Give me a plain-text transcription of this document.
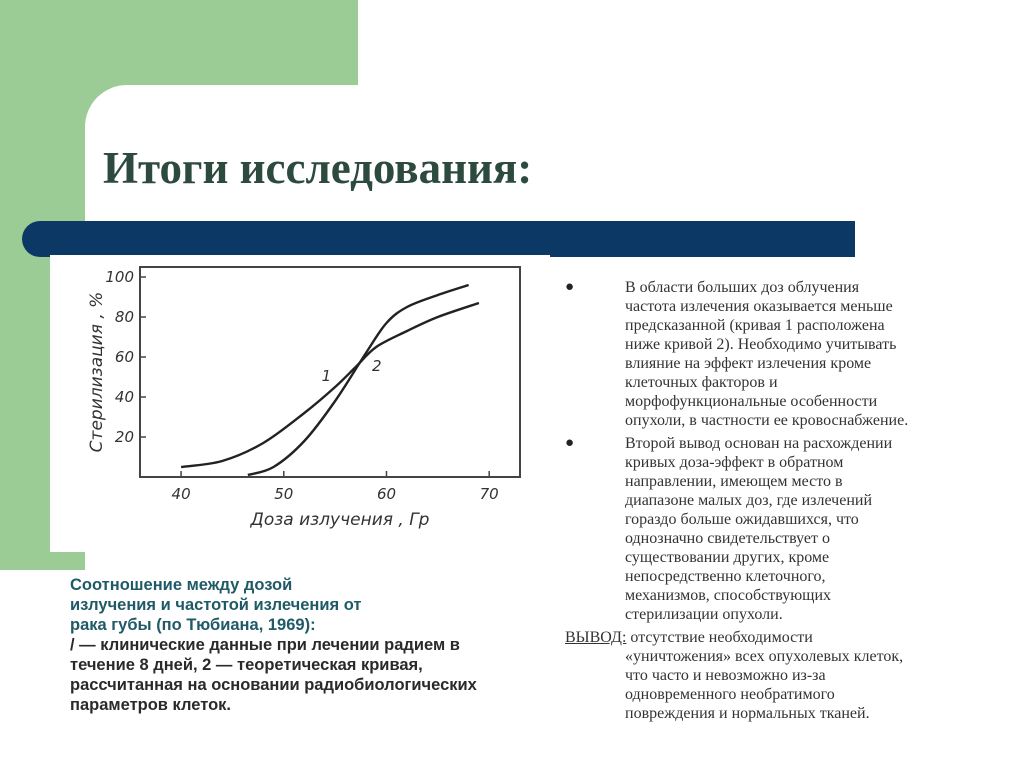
Итоги исследования:
100
80
60
40
20
40	50	60	70
Доза излучения , Гр
Стерилизация , %	1
2
Соотношение между дозой
излучения и частотой излечения от
рака губы (по Тюбиана, 1969):
/ — клинические данные при лечении радием в
течение 8 дней, 2 — теоретическая кривая,
рассчитанная на основании радиобиологических
параметров клеток.
●	В области больших доз облучения
частота излечения оказывается меньше
предсказанной (кривая 1 расположена
ниже кривой 2). Необходимо учитывать
влияние на эффект излечения кроме
клеточных факторов и
морфофункциональные особенности
опухоли, в частности ее кровоснабжение.
●	Второй вывод основан на расхождении
кривых доза-эффект в обратном
направлении, имеющем место в
диапазоне малых доз, где излечений
гораздо больше ожидавшихся, что
однозначно свидетельствует о
существовании других, кроме
непосредственно клеточного,
механизмов, способствующих
стерилизации опухоли.
ВЫВОД: отсутствие необходимости
«уничтожения» всех опухолевых клеток,
что часто и невозможно из-за
одновременного необратимого
повреждения и нормальных тканей.
